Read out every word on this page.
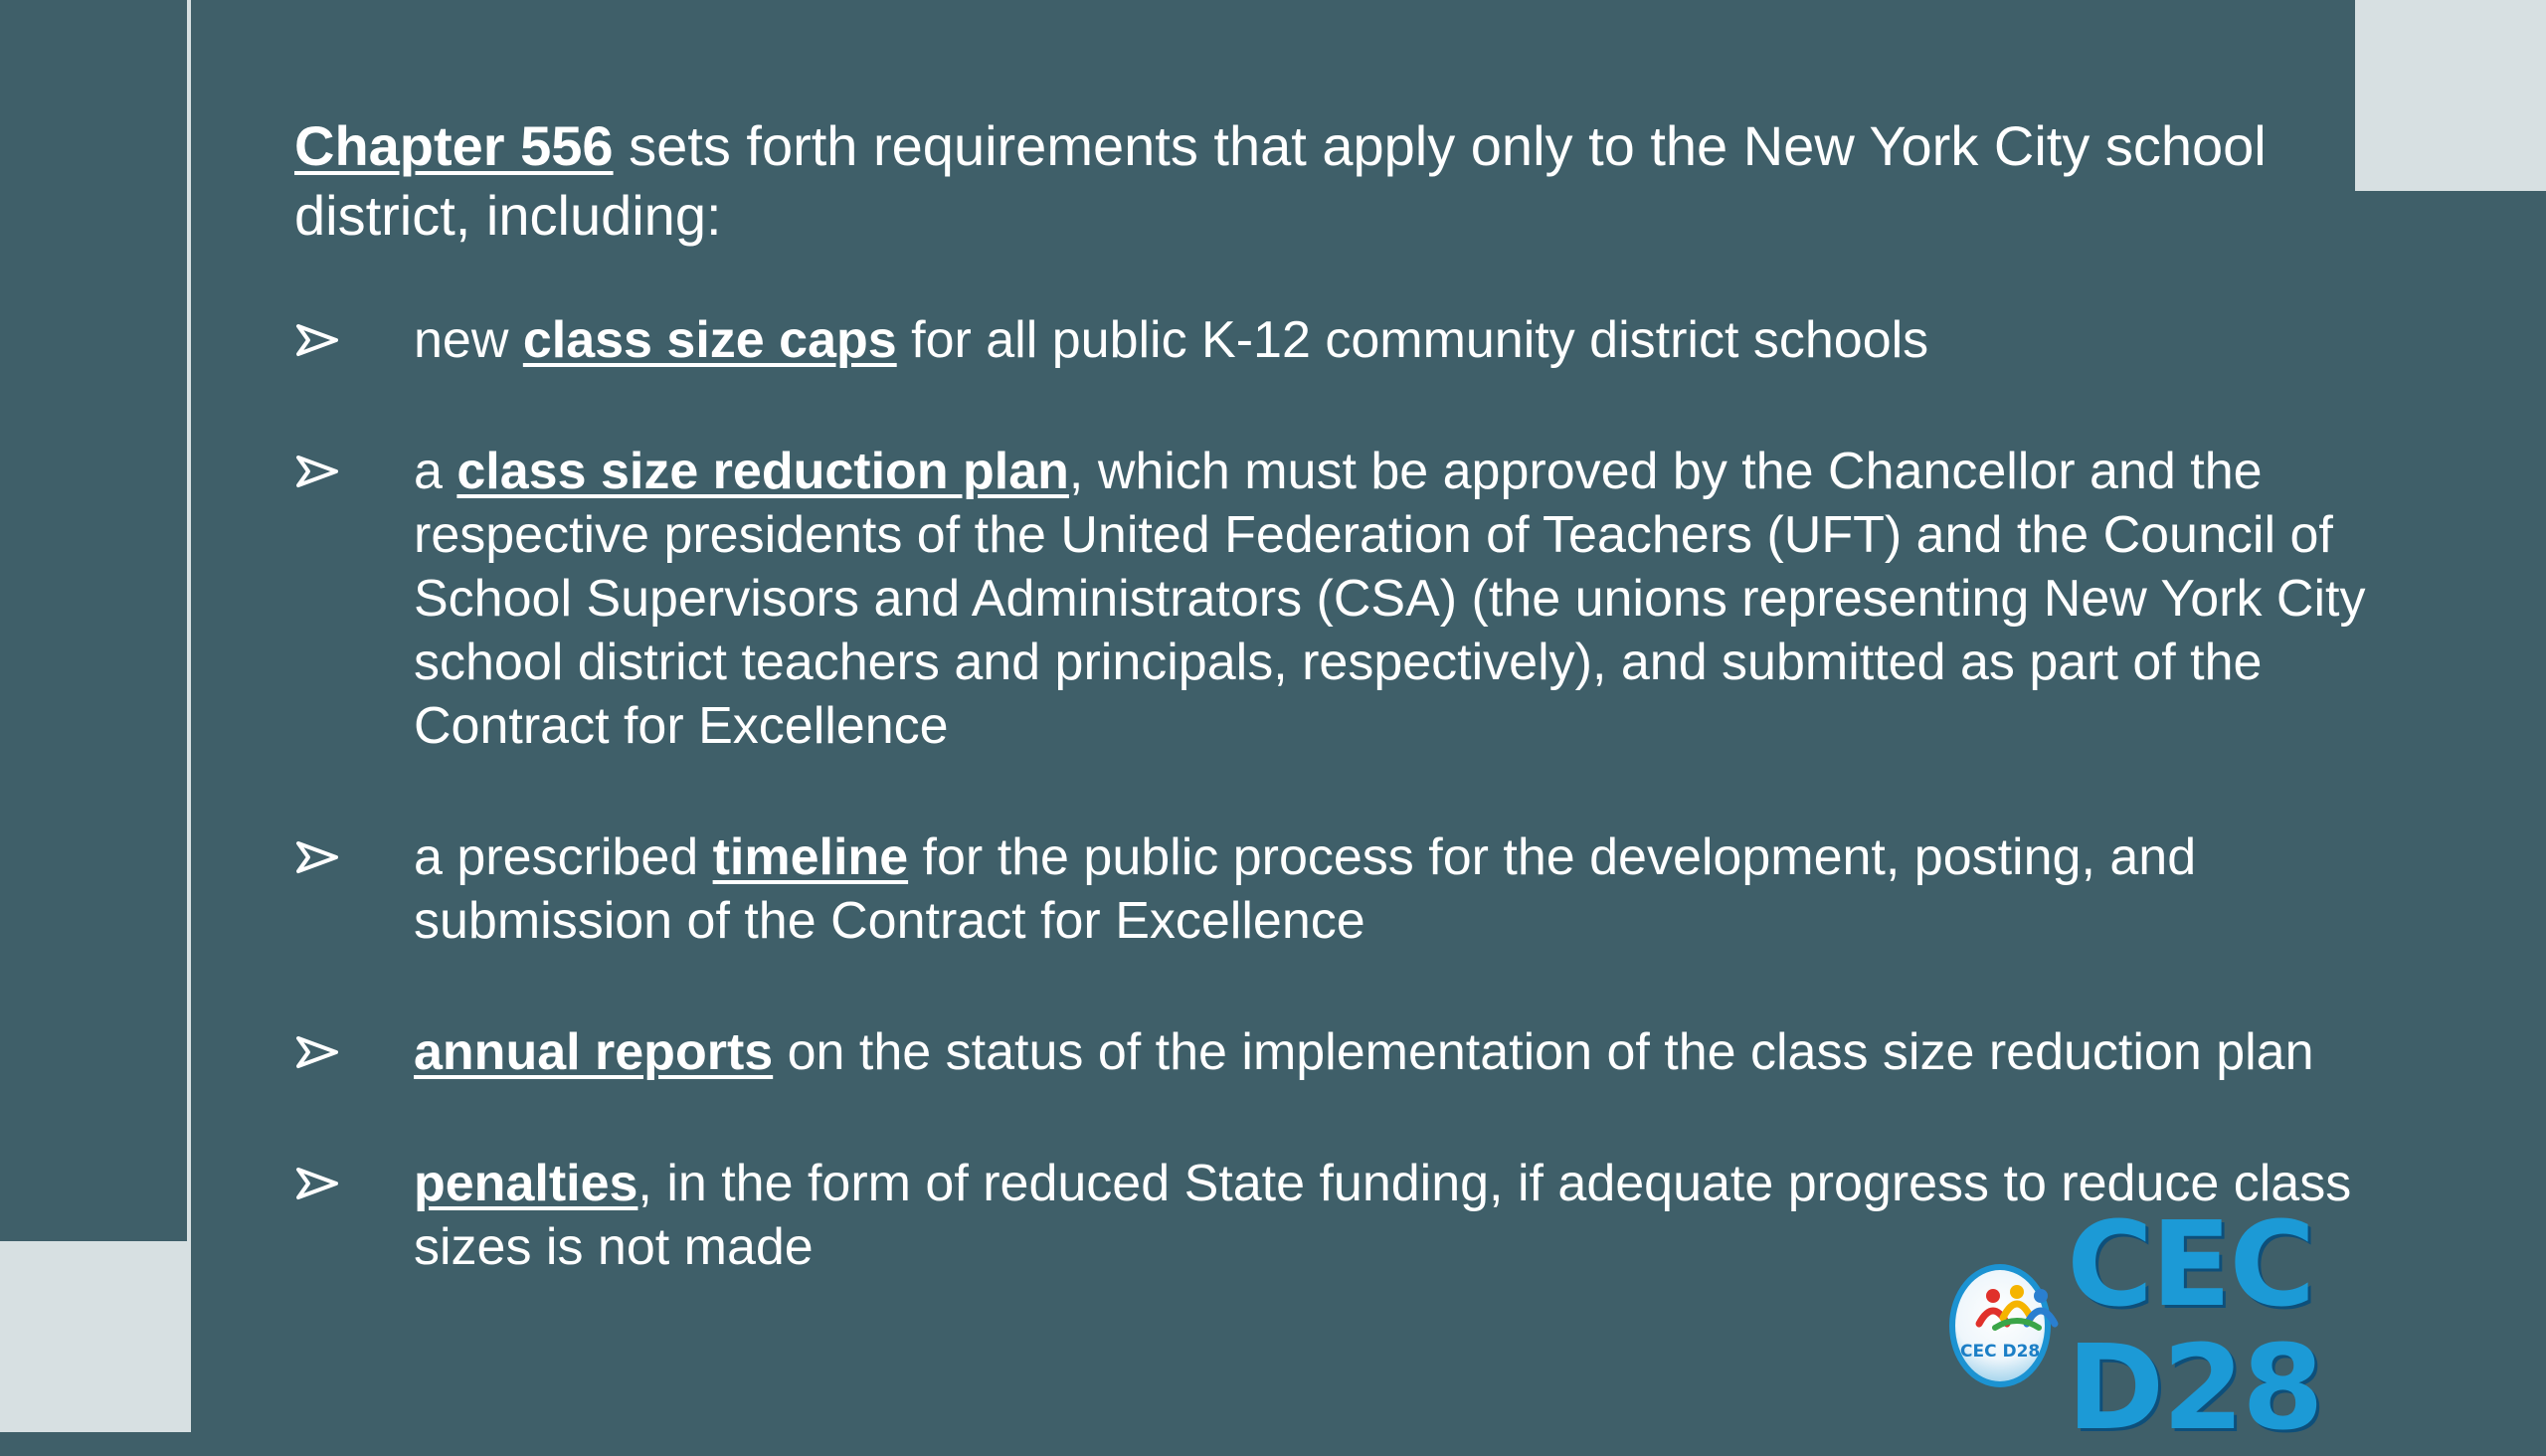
Chapter 556 sets forth requirements that apply only to the New York City school district, including:

new class size caps for all public K-12 community district schools
a class size reduction plan, which must be approved by the Chancellor and the respective presidents of the United Federation of Teachers (UFT) and the Council of School Supervisors and Administrators (CSA) (the unions representing New York City school district teachers and principals, respectively), and submitted as part of the Contract for Excellence
a prescribed timeline for the public process for the development, posting, and submission of the Contract for Excellence
annual reports on the status of the implementation of the class size reduction plan
penalties, in the form of reduced State funding, if adequate progress to reduce class sizes is not made
CEC D28
CEC D28
